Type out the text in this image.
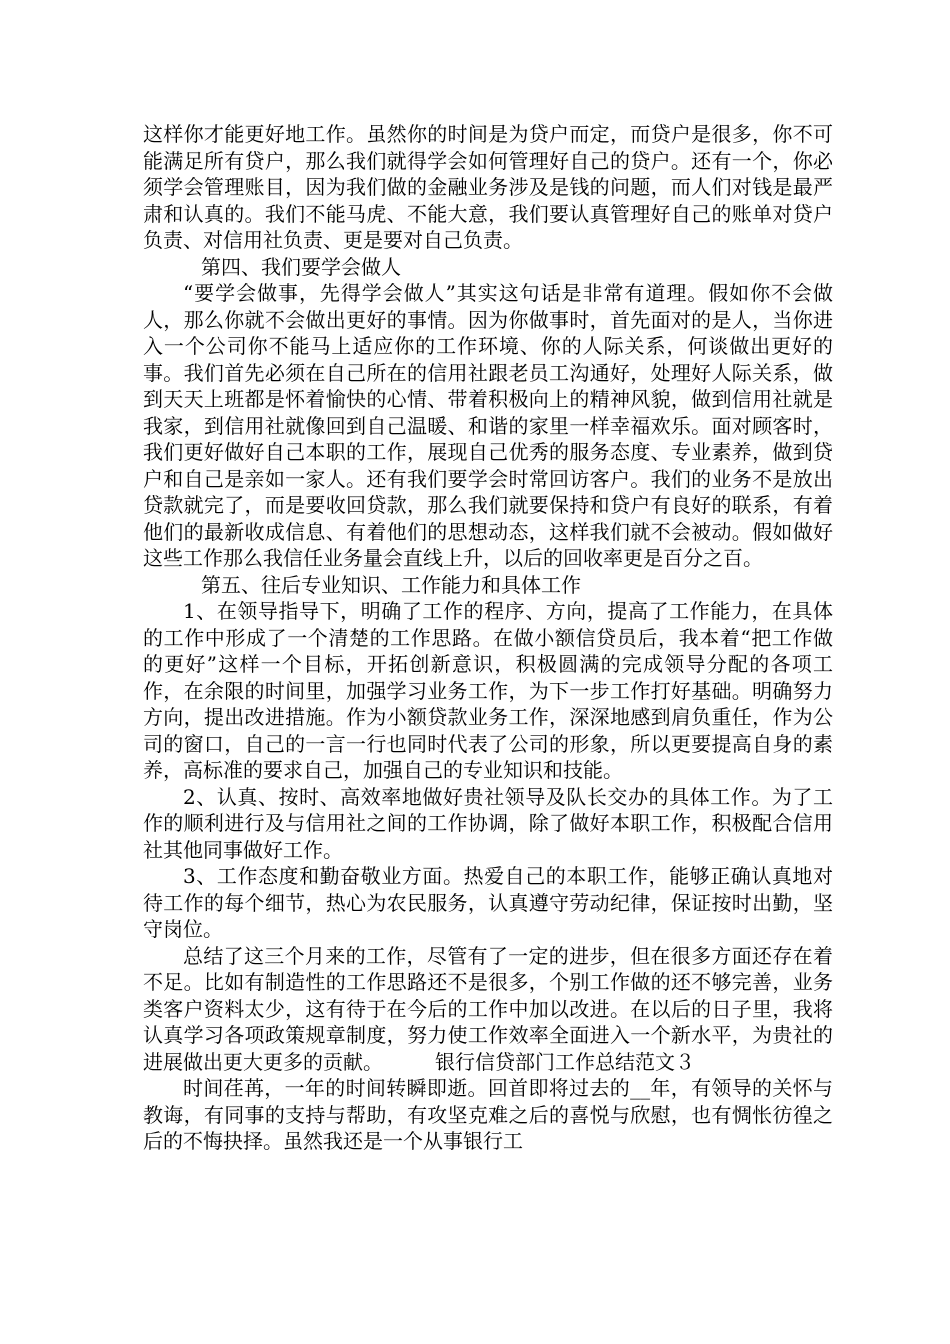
这样你才能更好地工作。虽然你的时间是为贷户而定，而贷户是很多，你不可能满足所有贷户，那么我们就得学会如何管理好自己的贷户。还有一个，你必须学会管理账目，因为我们做的金融业务涉及是钱的问题，而人们对钱是最严肃和认真的。我们不能马虎、不能大意，我们要认真管理好自己的账单对贷户负责、对信用社负责、更是要对自己负责。

第四、我们要学会做人

“要学会做事，先得学会做人”其实这句话是非常有道理。假如你不会做人，那么你就不会做出更好的事情。因为你做事时，首先面对的是人，当你进入一个公司你不能马上适应你的工作环境、你的人际关系，何谈做出更好的事。我们首先必须在自己所在的信用社跟老员工沟通好，处理好人际关系，做到天天上班都是怀着愉快的心情、带着积极向上的精神风貌，做到信用社就是我家，到信用社就像回到自己温暖、和谐的家里一样幸福欢乐。面对顾客时，我们更好做好自己本职的工作，展现自己优秀的服务态度、专业素养，做到贷户和自己是亲如一家人。还有我们要学会时常回访客户。我们的业务不是放出贷款就完了，而是要收回贷款，那么我们就要保持和贷户有良好的联系，有着他们的最新收成信息、有着他们的思想动态，这样我们就不会被动。假如做好这些工作那么我信任业务量会直线上升，以后的回收率更是百分之百。

第五、往后专业知识、工作能力和具体工作

1、在领导指导下，明确了工作的程序、方向，提高了工作能力，在具体的工作中形成了一个清楚的工作思路。在做小额信贷员后，我本着“把工作做的更好”这样一个目标，开拓创新意识，积极圆满的完成领导分配的各项工作，在余限的时间里，加强学习业务工作，为下一步工作打好基础。明确努力方向，提出改进措施。作为小额贷款业务工作，深深地感到肩负重任，作为公司的窗口，自己的一言一行也同时代表了公司的形象，所以更要提高自身的素养，高标准的要求自己，加强自己的专业知识和技能。

2、认真、按时、高效率地做好贵社领导及队长交办的具体工作。为了工作的顺利进行及与信用社之间的工作协调，除了做好本职工作，积极配合信用社其他同事做好工作。

3、工作态度和勤奋敬业方面。热爱自己的本职工作，能够正确认真地对待工作的每个细节，热心为农民服务，认真遵守劳动纪律，保证按时出勤，坚守岗位。

总结了这三个月来的工作，尽管有了一定的进步，但在很多方面还存在着不足。比如有制造性的工作思路还不是很多，个别工作做的还不够完善，业务类客户资料太少，这有待于在今后的工作中加以改进。在以后的日子里，我将认真学习各项政策规章制度，努力使工作效率全面进入一个新水平，为贵社的进展做出更大更多的贡献。	银行信贷部门工作总结范文３

时间荏苒，一年的时间转瞬即逝。回首即将过去的__年，有领导的关怀与教诲，有同事的支持与帮助，有攻坚克难之后的喜悦与欣慰，也有惆怅彷徨之后的不悔抉择。虽然我还是一个从事银行工
